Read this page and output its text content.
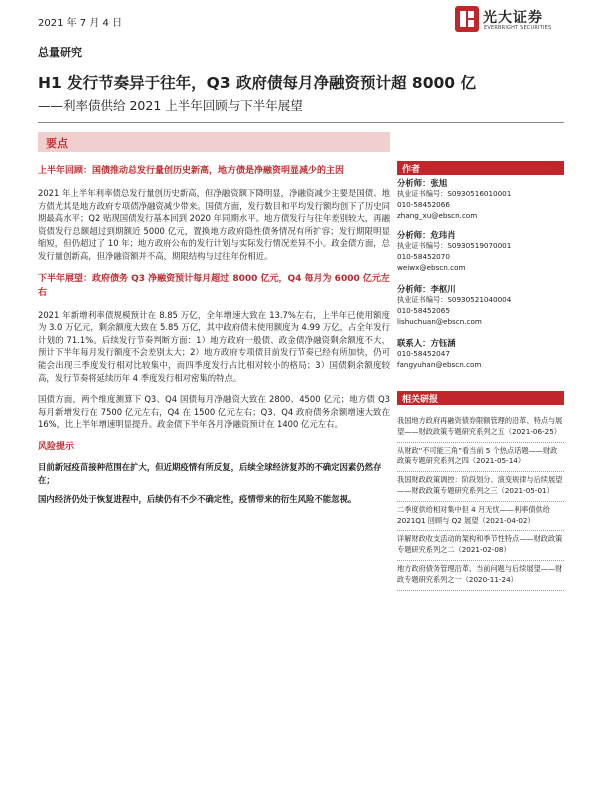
2021 年 7 月 4 日	光大证券
EVERBRIGHT SECURITIES
总量研究
H1 发行节奏异于往年，Q3 政府债每月净融资预计超 8000 亿
——利率债供给 2021 上半年回顾与下半年展望
要点
上半年回顾：国债推动总发行量创历史新高，地方债是净融资明显减少的主因
2021 年上半年利率债总发行量创历史新高，但净融资额下降明显，净融资减少主要是国债、地方债尤其是地方政府专项债净融资减少带来。国债方面，发行数目和平均发行额均创下了历史同期最高水平；Q2 贴现国债发行基本回到 2020 年同期水平。地方债发行与往年差别较大，再融资债发行总额超过到期额近 5000 亿元，置换地方政府隐性债务情况有所扩容；发行期限明显缩短，但仍超过了 10 年；地方政府公布的发行计划与实际发行情况差异不小。政金债方面，总发行量创新高，但净融资额并不高，期限结构与过往年份相近。
下半年展望：政府债务 Q3 净融资预计每月超过 8000 亿元，Q4 每月为 6000 亿元左右
2021 年新增利率债规模预计在 8.85 万亿，全年增速大致在 13.7%左右，上半年已使用额度为 3.0 万亿元，剩余额度大致在 5.85 万亿，其中政府债未使用额度为 4.99 万亿，占全年发行计划的 71.1%。后续发行节奏判断方面：1）地方政府一般债、政金债净融资剩余额度不大，预计下半年每月发行额度不会差别太大；2）地方政府专项债目前发行节奏已经有所加快，仍可能会出现三季度发行相对比较集中，而四季度发行占比相对较小的格局；3）国债剩余额度较高，发行节奏将延续历年 4 季度发行相对密集的特点。
国债方面，两个维度测算下 Q3、Q4 国债每月净融资大致在 2800、4500 亿元；地方债 Q3 每月新增发行在 7500 亿元左右，Q4 在 1500 亿元左右；Q3、Q4 政府债务余额增速大致在 16%，比上半年增速明显提升。政金债下半年各月净融资预计在 1400 亿元左右。
风险提示
目前新冠疫苗接种范围在扩大，但近期疫情有所反复，后续全球经济复苏的不确定因素仍然存在；
国内经济仍处于恢复进程中，后续仍有不少不确定性，疫情带来的衍生风险不能忽视。
作者
分析师：张旭
执业证书编号：S0930516010001
010-58452066
zhang_xu@ebscn.com
分析师：危玮肖
执业证书编号：S0930519070001
010-58452070
weiwx@ebscn.com
分析师：李枢川
执业证书编号：S0930521040004
010-58452065
lishuchuan@ebscn.com
联系人：方钰涵
010-58452047
fangyuhan@ebscn.com
相关研报
我国地方政府再融资债券限额管理的沿革、特点与展望——财政政策专题研究系列之五（2021-06-25）
从财政“不可能三角”看当前 5 个热点话题——财政政策专题研究系列之四（2021-05-14）
我国财政政策调控：阶段划分、演变规律与后续展望——财政政策专题研究系列之三（2021-05-01）
二季度供给相对集中但 4 月无忧——利率债供给 2021Q1 回顾与 Q2 展望（2021-04-02）
详解财政收支活动的架构和季节性特点——财政政策专题研究系列之二（2021-02-08）
地方政府债务管理沿革、当前问题与后续展望——财政专题研究系列之一（2020-11-24）
